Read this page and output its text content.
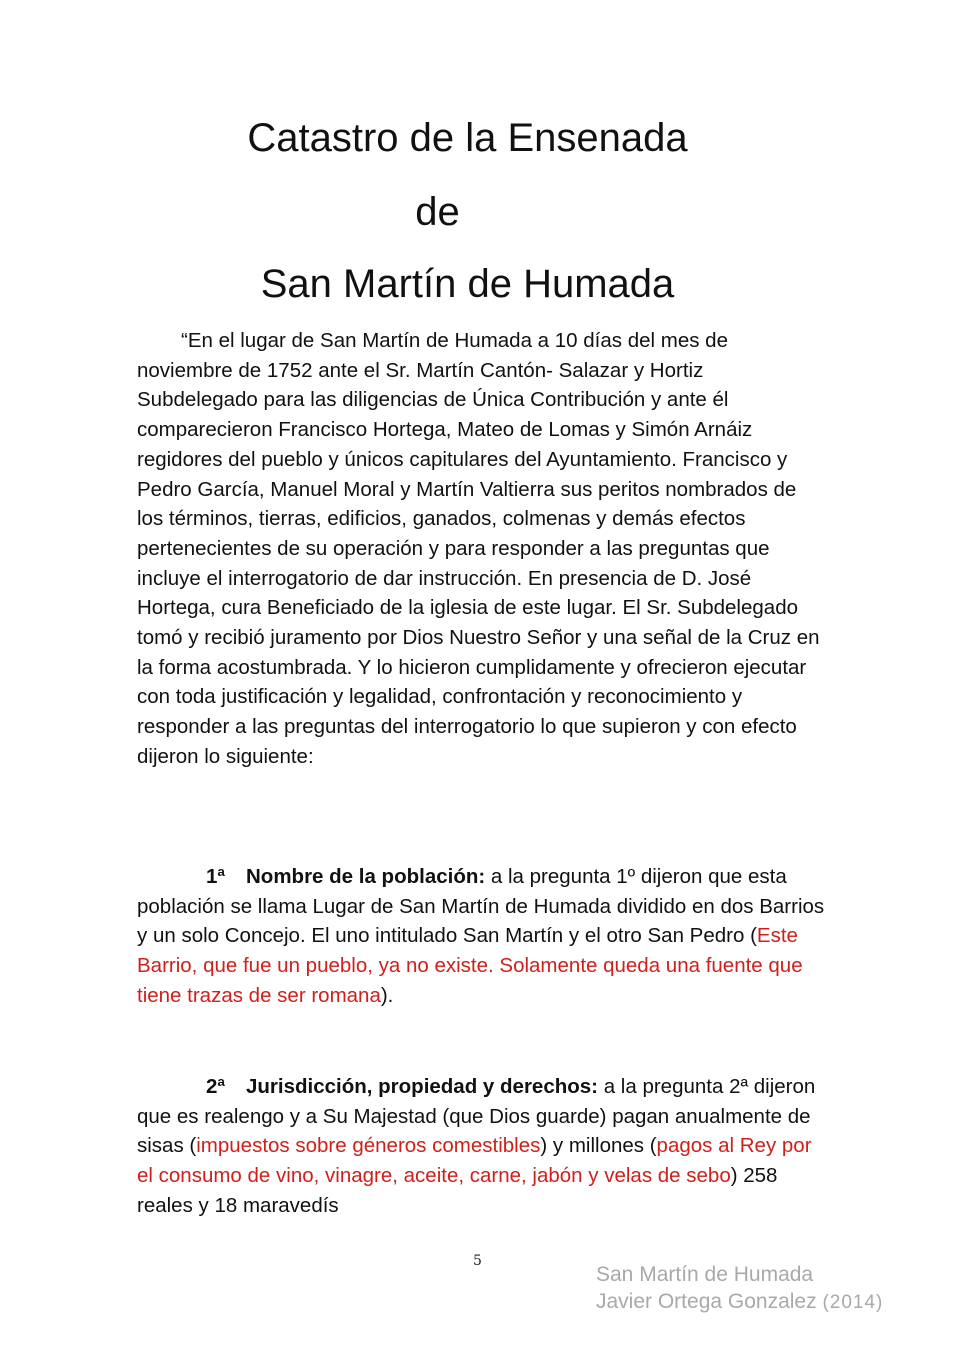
Catastro de la Ensenada
de
San Martín de Humada

“En el lugar de San Martín de Humada a 10 días del mes de noviembre de 1752 ante el Sr. Martín Cantón- Salazar y Hortiz Subdelegado para las diligencias de Única Contribución y ante él comparecieron Francisco Hortega, Mateo de Lomas y Simón Arnáiz regidores del pueblo y únicos capitulares del Ayuntamiento. Francisco y Pedro García, Manuel Moral y Martín Valtierra sus peritos nombrados de los términos, tierras, edificios, ganados, colmenas y demás efectos pertenecientes de su operación y para responder a las preguntas que incluye el interrogatorio de dar instrucción. En presencia de D. José Hortega, cura Beneficiado de la iglesia de este lugar. El Sr. Subdelegado tomó y recibió juramento por Dios Nuestro Señor y una señal de la Cruz en la forma acostumbrada. Y lo hicieron cumplidamente y ofrecieron ejecutar con toda justificación y legalidad, confrontación y reconocimiento y responder a las preguntas del interrogatorio lo que supieron y con efecto dijeron lo siguiente:

1ª Nombre de la población: a la pregunta 1º dijeron que esta población se llama Lugar de San Martín de Humada dividido en dos Barrios y un solo Concejo. El uno intitulado San Martín y el otro San Pedro (Este Barrio, que fue un pueblo, ya no existe. Solamente queda una fuente que tiene trazas de ser romana).

2ª Jurisdicción, propiedad y derechos: a la pregunta 2ª dijeron que es realengo y a Su Majestad (que Dios guarde) pagan anualmente de sisas (impuestos sobre géneros comestibles) y millones (pagos al Rey por el consumo de vino, vinagre, aceite, carne, jabón y velas de sebo) 258 reales y 18 maravedís

5
San Martín de Humada
Javier Ortega Gonzalez (2014)
